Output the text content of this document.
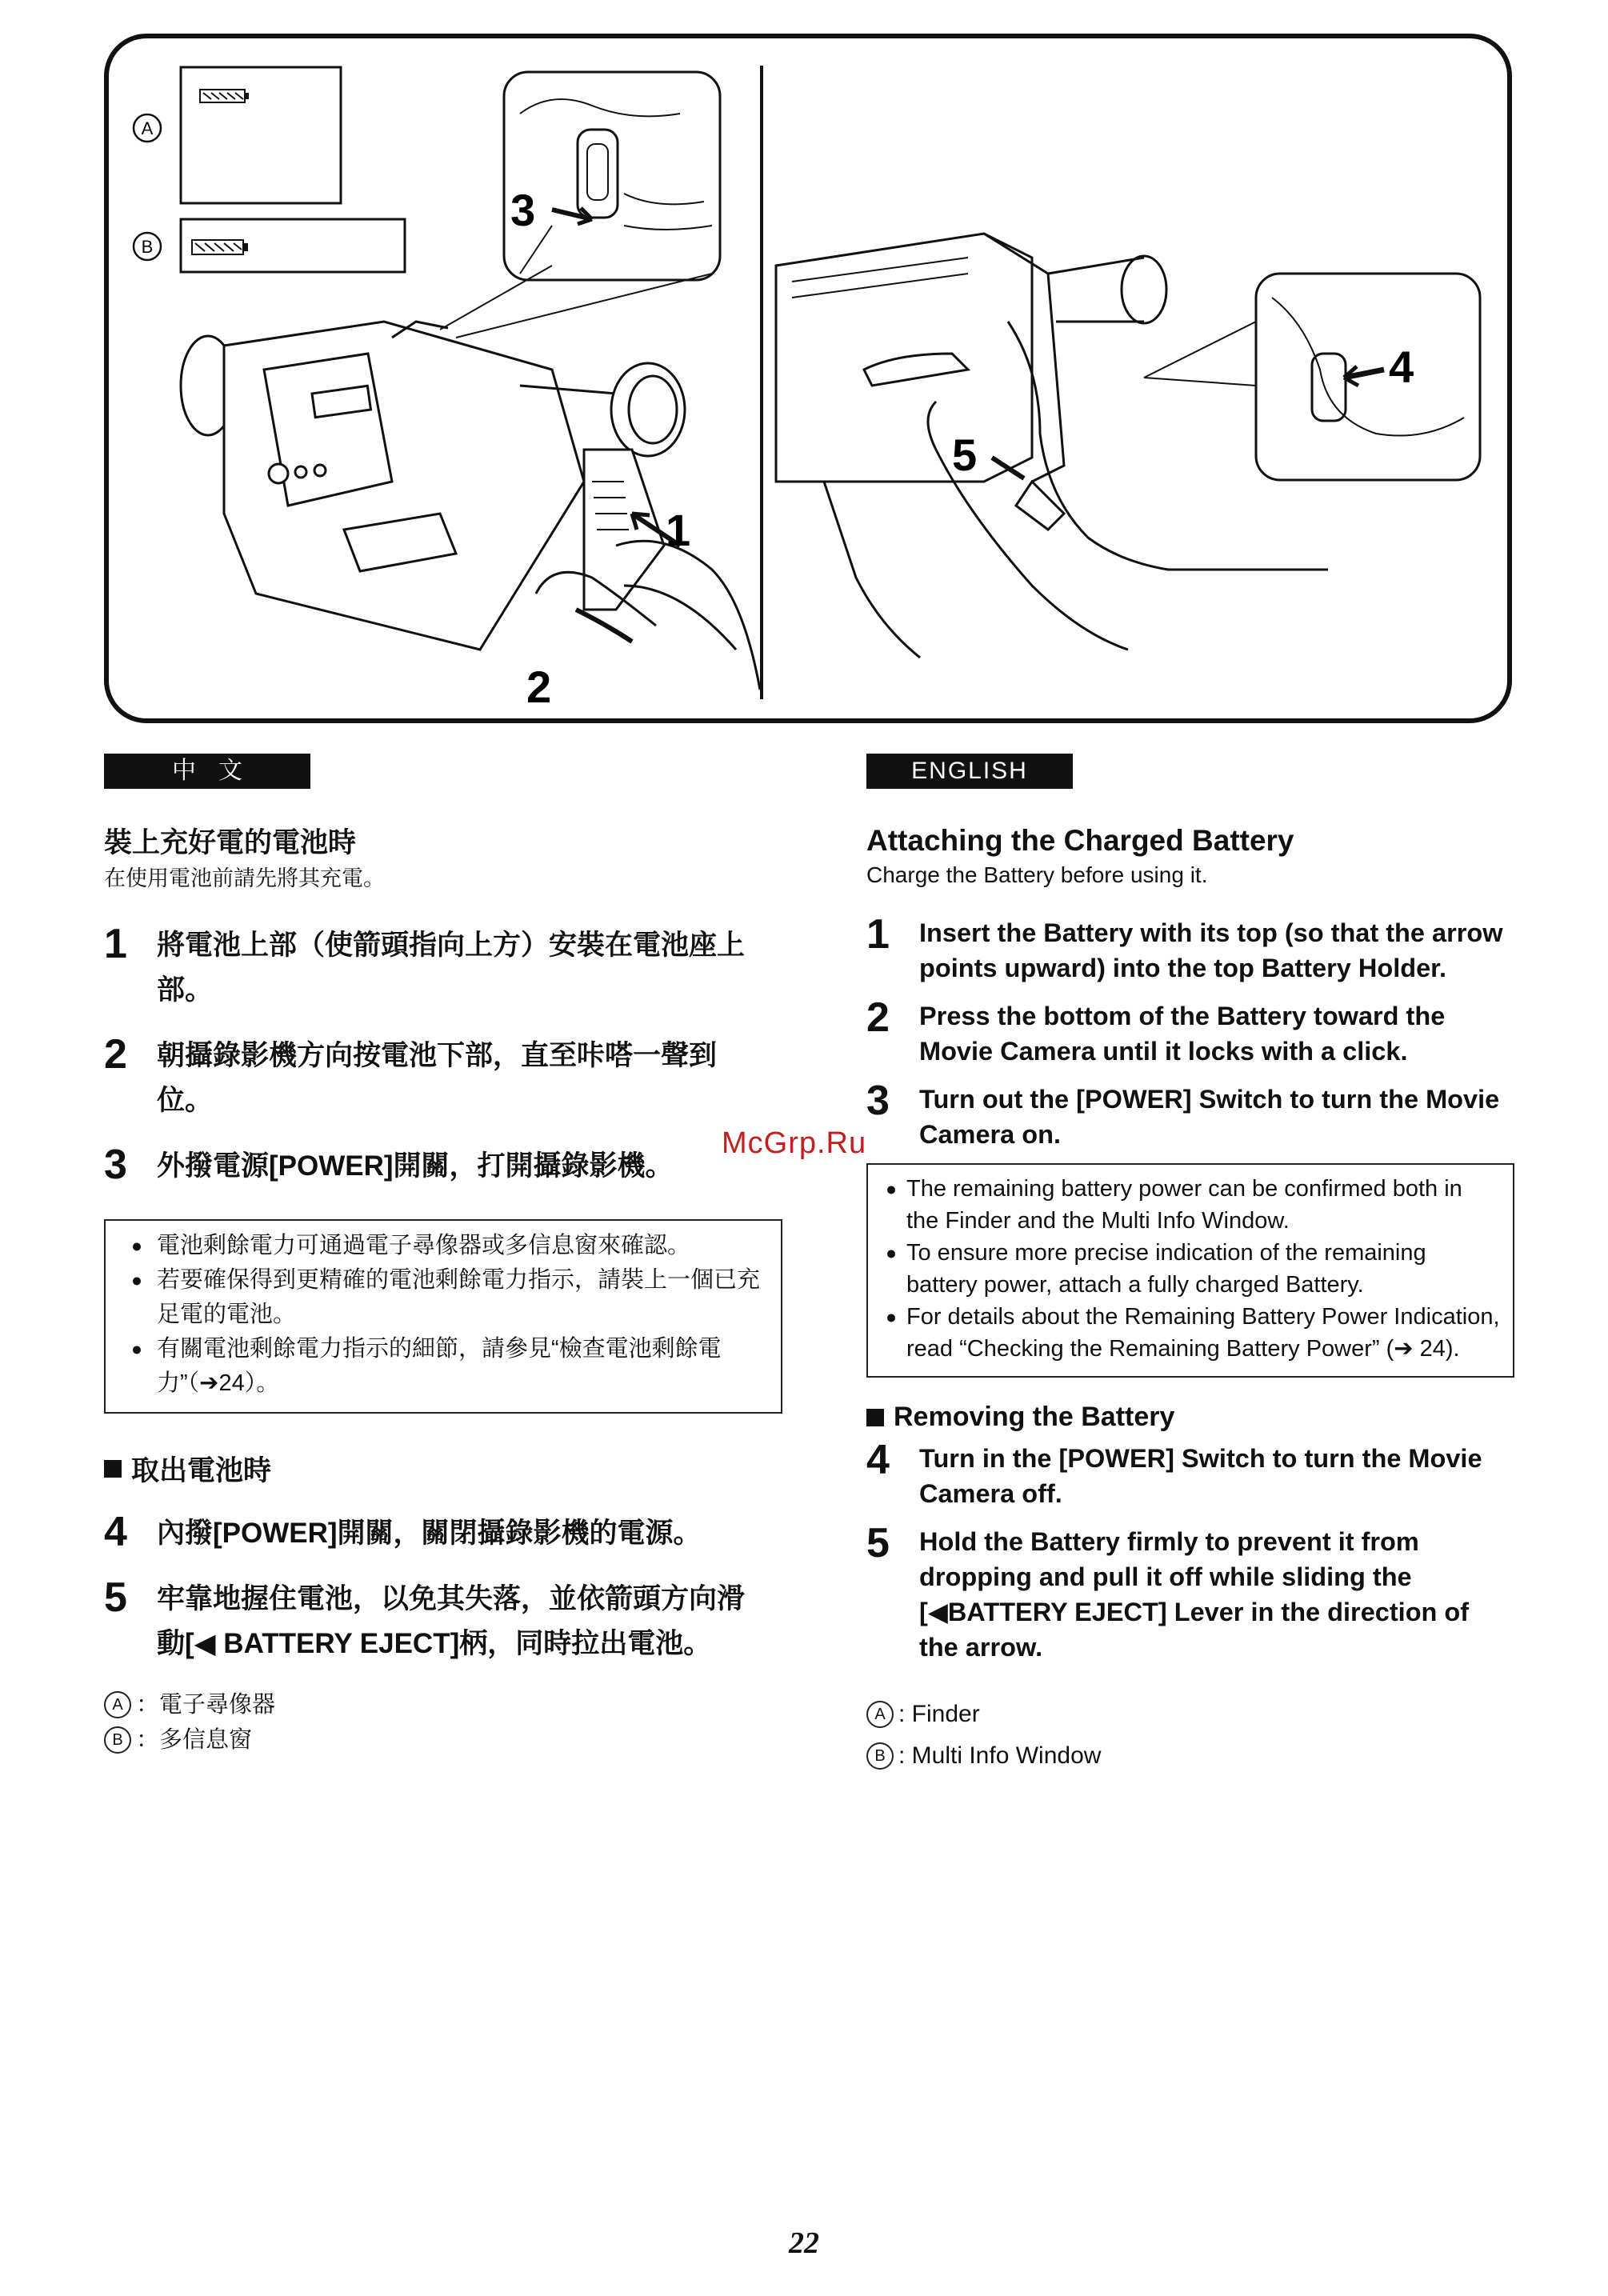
A
B
3
1
2
5
4
中文
裝上充好電的電池時
在使用電池前請先將其充電。
1	將電池上部（使箭頭指向上方）安裝在電池座上部。
2	朝攝錄影機方向按電池下部，直至咔嗒一聲到位。
3	外撥電源[POWER]開關，打開攝錄影機。
● 電池剩餘電力可通過電子尋像器或多信息窗來確認。
● 若要確保得到更精確的電池剩餘電力指示，請裝上一個已充足電的電池。
● 有關電池剩餘電力指示的細節，請參見“檢查電池剩餘電力”（➔24）。
取出電池時
4	內撥[POWER]開關，關閉攝錄影機的電源。
5	牢靠地握住電池，以免其失落，並依箭頭方向滑動[◀ BATTERY EJECT]柄，同時拉出電池。
A ：電子尋像器
B ：多信息窗
ENGLISH
Attaching the Charged Battery
Charge the Battery before using it.
1	Insert the Battery with its top (so that the arrow points upward) into the top Battery Holder.
2	Press the bottom of the Battery toward the Movie Camera until it locks with a click.
3	Turn out the [POWER] Switch to turn the Movie Camera on.
● The remaining battery power can be confirmed both in the Finder and the Multi Info Window.
● To ensure more precise indication of the remaining battery power, attach a fully charged Battery.
● For details about the Remaining Battery Power Indication, read “Checking the Remaining Battery Power” (➔ 24).
Removing the Battery
4	Turn in the [POWER] Switch to turn the Movie Camera off.
5	Hold the Battery firmly to prevent it from dropping and pull it off while sliding the [◀BATTERY EJECT] Lever in the direction of the arrow.
A : Finder
B : Multi Info Window
McGrp.Ru
22
